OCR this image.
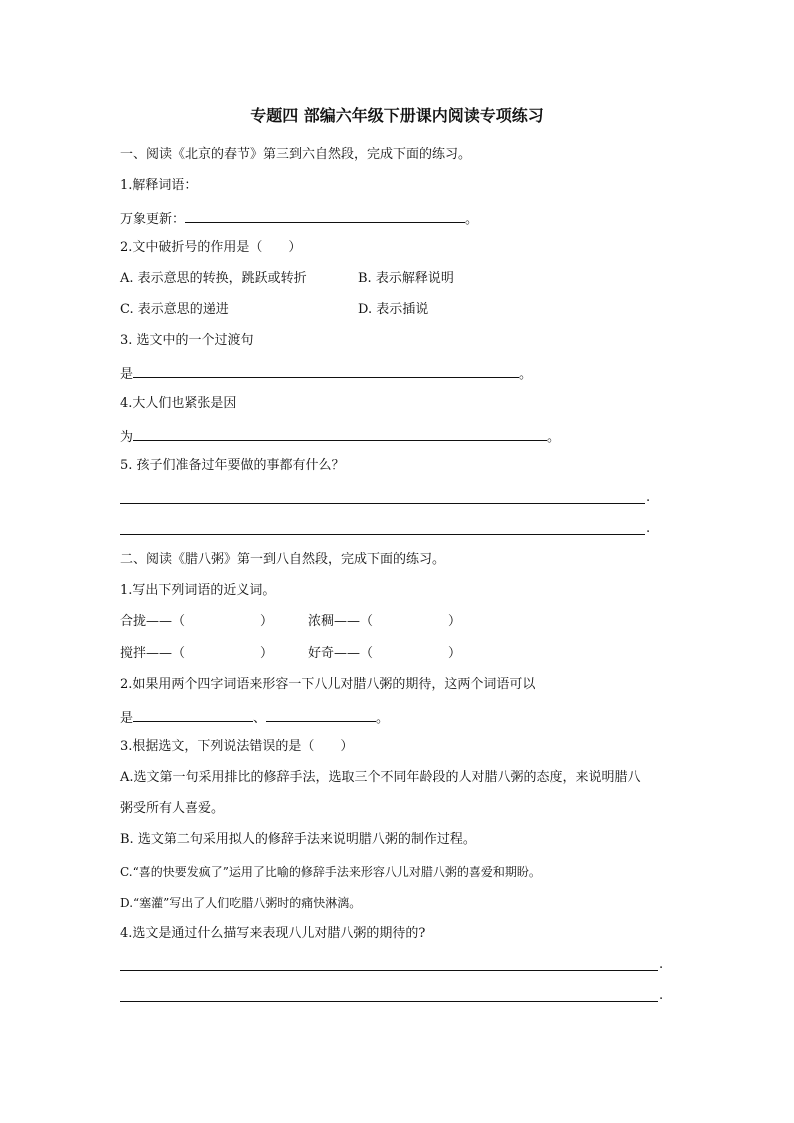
专题四 部编六年级下册课内阅读专项练习
一、阅读《北京的春节》第三到六自然段，完成下面的练习。
1.解释词语：
万象更新：	。
2.文中破折号的作用是（　　）
A. 表示意思的转换，跳跃或转折	B. 表示解释说明
C. 表示意思的递进	D. 表示插说
3. 选文中的一个过渡句
是	。
4.大人们也紧张是因
为	。
5. 孩子们准备过年要做的事都有什么？
.
.
二、阅读《腊八粥》第一到八自然段，完成下面的练习。
1.写出下列词语的近义词。
合拢——（	）	浓稠——（	）
搅拌——（	）	好奇——（	）
2.如果用两个四字词语来形容一下八儿对腊八粥的期待，这两个词语可以
是	、	。
3.根据选文，下列说法错误的是（　　）
A.选文第一句采用排比的修辞手法，选取三个不同年龄段的人对腊八粥的态度，来说明腊八
粥受所有人喜爱。
B. 选文第二句采用拟人的修辞手法来说明腊八粥的制作过程。
C.“喜的快要发疯了”运用了比喻的修辞手法来形容八儿对腊八粥的喜爱和期盼。
D.“塞灌”写出了人们吃腊八粥时的痛快淋漓。
4.选文是通过什么描写来表现八儿对腊八粥的期待的?
.
.
